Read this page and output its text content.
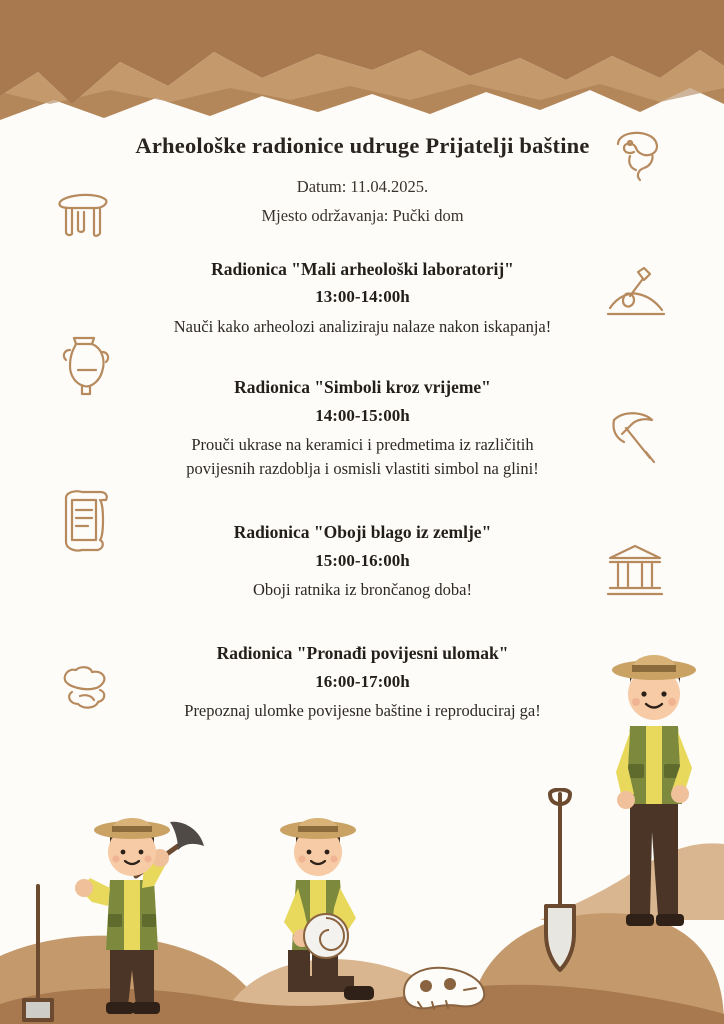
Arheološke radionice udruge Prijatelji baštine

Datum: 11.04.2025.

Mjesto održavanja: Pučki dom

Radionica "Mali arheološki laboratorij"

13:00-14:00h

Nauči kako arheolozi analiziraju nalaze nakon iskapanja!

Radionica "Simboli kroz vrijeme"

14:00-15:00h

Prouči ukrase na keramici i predmetima iz različitih

povijesnih razdoblja i osmisli vlastiti simbol na glini!

Radionica "Oboji blago iz zemlje"

15:00-16:00h

Oboji ratnika iz brončanog doba!

Radionica "Pronađi povijesni ulomak"

16:00-17:00h

Prepoznaj ulomke povijesne baštine i reproduciraj ga!
